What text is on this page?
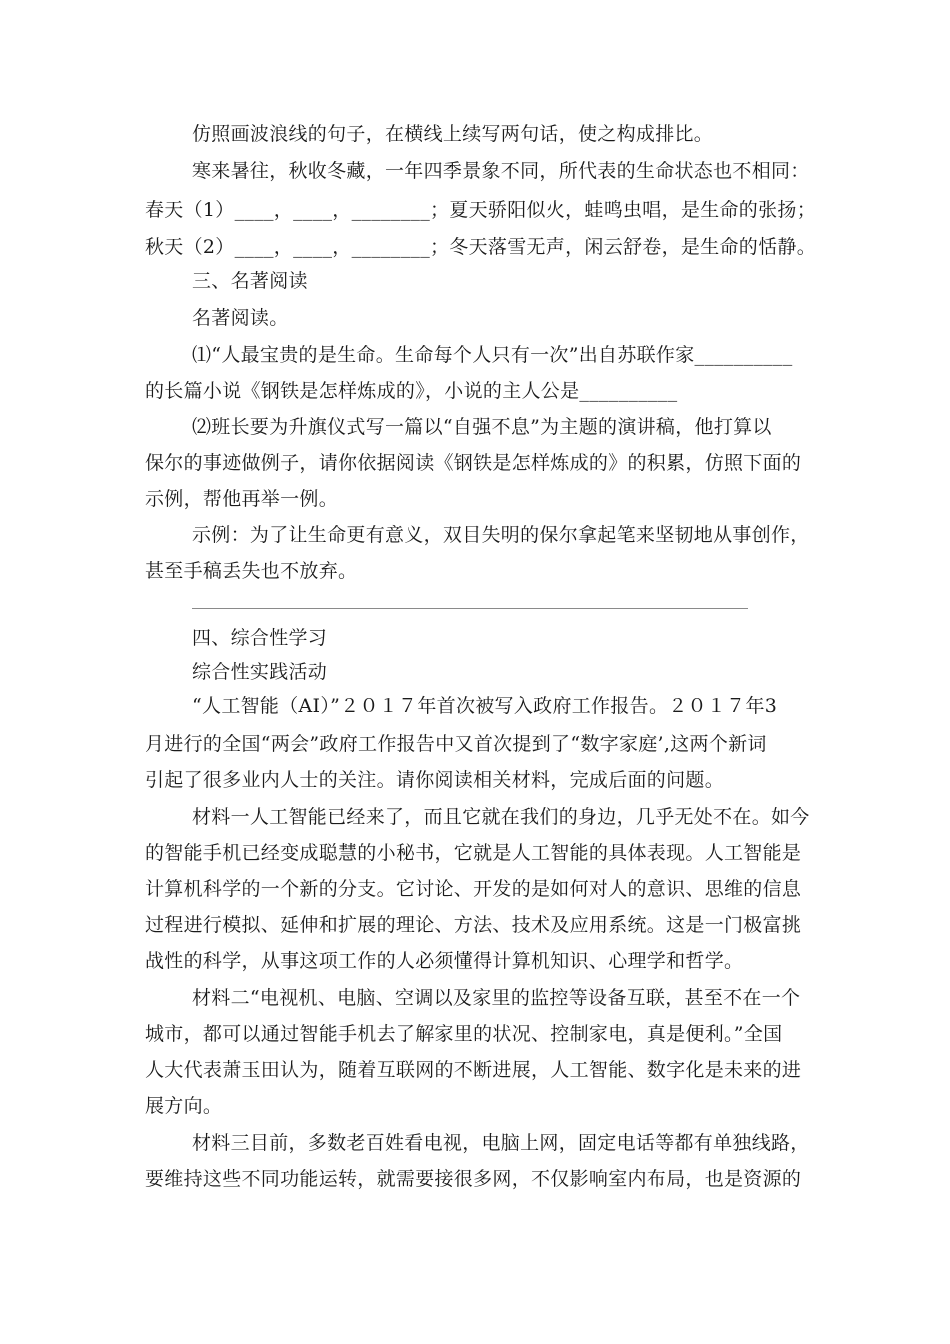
仿照画波浪线的句子，在横线上续写两句话，使之构成排比。
寒来暑往，秋收冬藏，一年四季景象不同，所代表的生命状态也不相同：
春天（1）____，____，________；夏天骄阳似火，蛙鸣虫唱，是生命的张扬；
秋天（2）____，____，________；冬天落雪无声，闲云舒卷，是生命的恬静。
三、名著阅读
名著阅读。
⑴“人最宝贵的是生命。生命每个人只有一次”出自苏联作家__________
的长篇小说《钢铁是怎样炼成的》，小说的主人公是__________
⑵班长要为升旗仪式写一篇以“自强不息”为主题的演讲稿，他打算以
保尔的事迹做例子，请你依据阅读《钢铁是怎样炼成的》的积累，仿照下面的
示例，帮他再举一例。
示例：为了让生命更有意义，双目失明的保尔拿起笔来坚韧地从事创作，
甚至手稿丢失也不放弃。
四、综合性学习
综合性实践活动
“人工智能（AI）”２０１７年首次被写入政府工作报告。２０１７年3
月进行的全国“两会”政府工作报告中又首次提到了“数字家庭’,这两个新词
引起了很多业内人士的关注。请你阅读相关材料，完成后面的问题。
材料一人工智能已经来了，而且它就在我们的身边，几乎无处不在。如今
的智能手机已经变成聪慧的小秘书，它就是人工智能的具体表现。人工智能是
计算机科学的一个新的分支。它讨论、开发的是如何对人的意识、思维的信息
过程进行模拟、延伸和扩展的理论、方法、技术及应用系统。这是一门极富挑
战性的科学，从事这项工作的人必须懂得计算机知识、心理学和哲学。
材料二“电视机、电脑、空调以及家里的监控等设备互联，甚至不在一个
城市，都可以通过智能手机去了解家里的状况、控制家电，真是便利。”全国
人大代表萧玉田认为，随着互联网的不断进展，人工智能、数字化是未来的进
展方向。
材料三目前，多数老百姓看电视，电脑上网，固定电话等都有单独线路，
要维持这些不同功能运转，就需要接很多网，不仅影响室内布局，也是资源的
